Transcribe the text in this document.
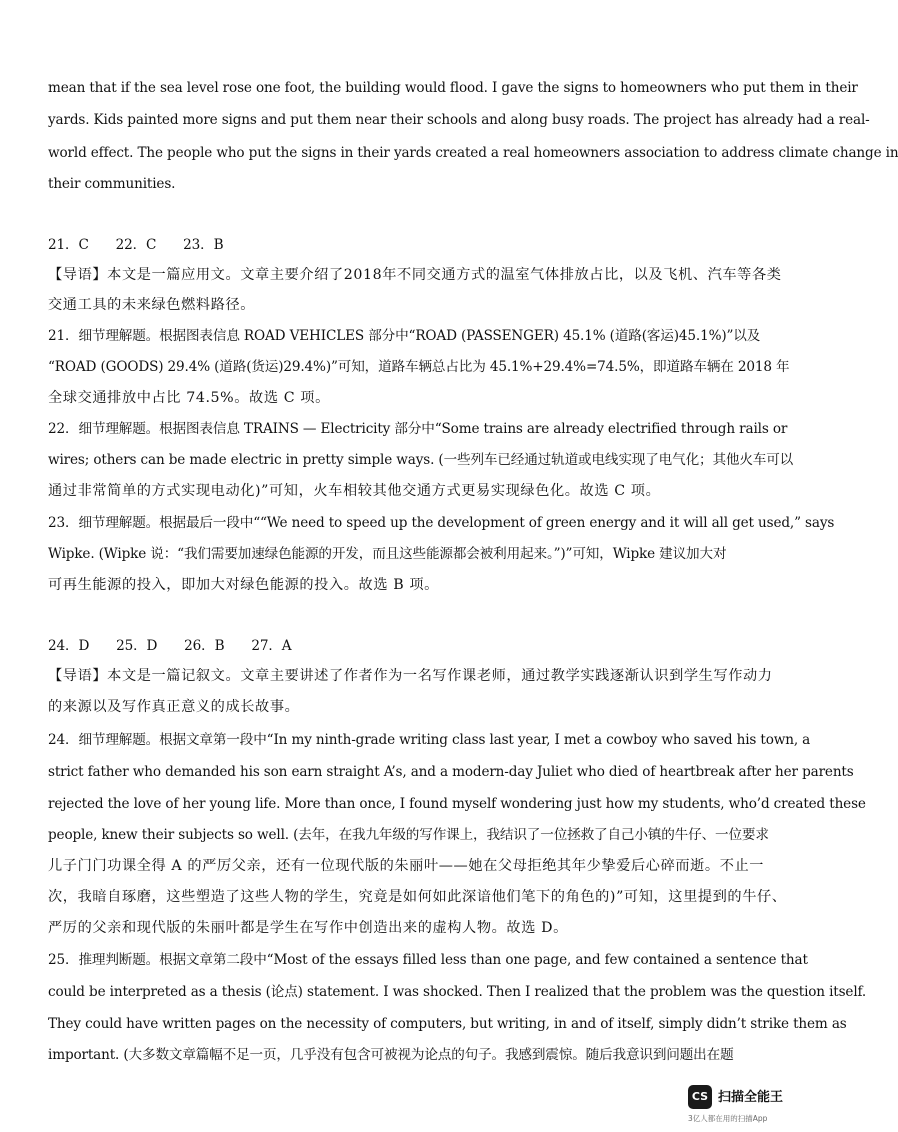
mean that if the sea level rose one foot, the building would flood. I gave the signs to homeowners who put them in their
yards. Kids painted more signs and put them near their schools and along busy roads. The project has already had a real-
world effect. The people who put the signs in their yards created a real homeowners association to address climate change in
their communities.
21．C　　22．C　　23．B
【导语】本文是一篇应用文。文章主要介绍了2018年不同交通方式的温室气体排放占比，以及飞机、汽车等各类
交通工具的未来绿色燃料路径。
21．细节理解题。根据图表信息 ROAD VEHICLES 部分中“ROAD (PASSENGER) 45.1% (道路(客运)45.1%)”以及
“ROAD (GOODS) 29.4% (道路(货运)29.4%)”可知，道路车辆总占比为 45.1%+29.4%=74.5%，即道路车辆在 2018 年
全球交通排放中占比 74.5%。故选 C 项。
22．细节理解题。根据图表信息 TRAINS — Electricity 部分中“Some trains are already electrified through rails or
wires; others can be made electric in pretty simple ways. (一些列车已经通过轨道或电线实现了电气化；其他火车可以
通过非常简单的方式实现电动化)”可知，火车相较其他交通方式更易实现绿色化。故选 C 项。
23．细节理解题。根据最后一段中““We need to speed up the development of green energy and it will all get used,” says
Wipke. (Wipke 说：“我们需要加速绿色能源的开发，而且这些能源都会被利用起来。”)”可知，Wipke 建议加大对
可再生能源的投入，即加大对绿色能源的投入。故选 B 项。
24．D　　25．D　　26．B　　27．A
【导语】本文是一篇记叙文。文章主要讲述了作者作为一名写作课老师，通过教学实践逐渐认识到学生写作动力
的来源以及写作真正意义的成长故事。
24．细节理解题。根据文章第一段中“In my ninth-grade writing class last year, I met a cowboy who saved his town, a
strict father who demanded his son earn straight A’s, and a modern-day Juliet who died of heartbreak after her parents
rejected the love of her young life. More than once, I found myself wondering just how my students, who’d created these
people, knew their subjects so well. (去年，在我九年级的写作课上，我结识了一位拯救了自己小镇的牛仔、一位要求
儿子门门功课全得 A 的严厉父亲，还有一位现代版的朱丽叶——她在父母拒绝其年少挚爱后心碎而逝。不止一
次，我暗自琢磨，这些塑造了这些人物的学生，究竟是如何如此深谙他们笔下的角色的)”可知，这里提到的牛仔、
严厉的父亲和现代版的朱丽叶都是学生在写作中创造出来的虚构人物。故选 D。
25．推理判断题。根据文章第二段中“Most of the essays filled less than one page, and few contained a sentence that
could be interpreted as a thesis (论点) statement. I was shocked. Then I realized that the problem was the question itself.
They could have written pages on the necessity of computers, but writing, in and of itself, simply didn’t strike them as
important. (大多数文章篇幅不足一页，几乎没有包含可被视为论点的句子。我感到震惊。随后我意识到问题出在题
CS 扫描全能王
3亿人都在用的扫描App
